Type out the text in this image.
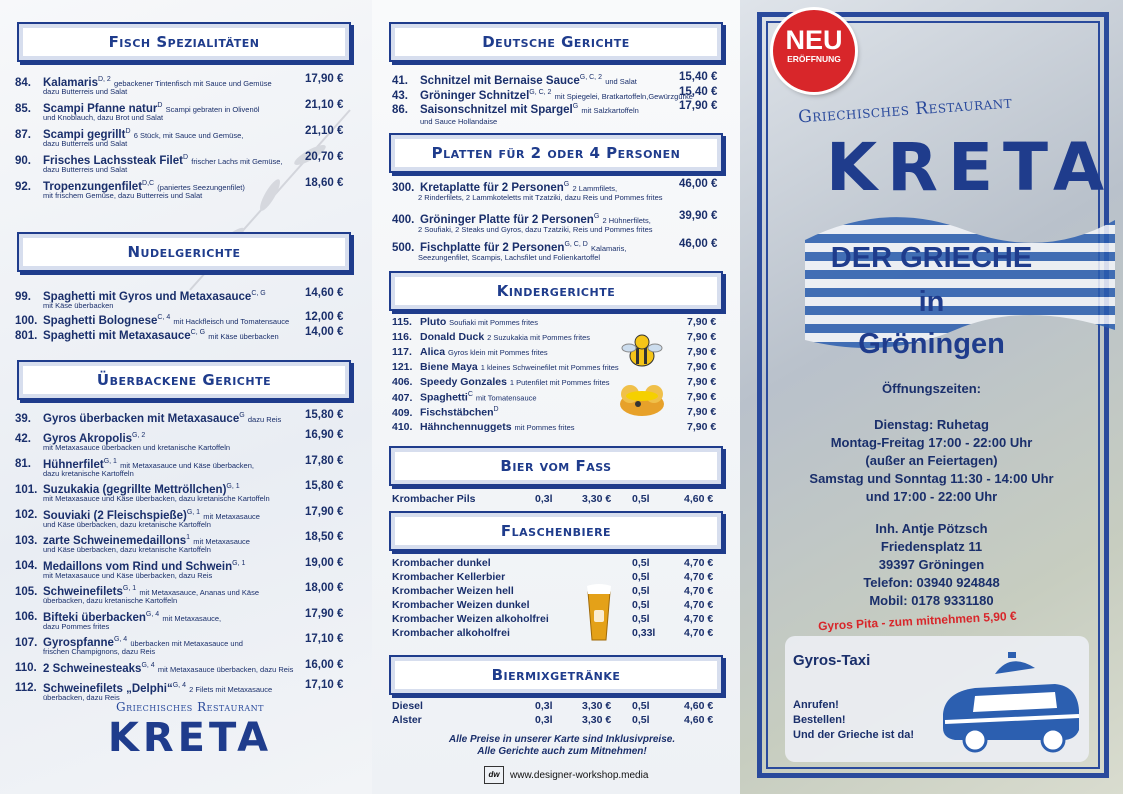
Fisch Spezialitäten
84. Kalamaris$^{D, 2}$ gebackener Tintenfisch mit Sauce und Gemüse	17,90 €
dazu Butterreis und Salat
85. Scampi Pfanne natur$^D$ Scampi gebraten in Olivenöl	21,10 €
und Knoblauch, dazu Brot und Salat
87. Scampi gegrillt$^D$ 6 Stück, mit Sauce und Gemüse,	21,10 €
dazu Butterreis und Salat
90. Frisches Lachssteak Filet$^D$ frischer Lachs mit Gemüse, 20,70 €
dazu Butterreis und Salat
92. Tropenzungenfilet$^{D,C}$ (paniertes Seezungenfilet)	18,60 €
mit frischem Gemüse, dazu Butterreis und Salat
Nudelgerichte
99. Spaghetti mit Gyros und Metaxasauce$^{C, G}$	14,60 €
mit Käse überbacken
100. Spaghetti Bolognese$^{C, 4}$ mit Hackfleisch und Tomatensauce 12,00 €
801. Spaghetti mit Metaxasauce$^{C, G}$ mit Käse überbacken 14,00 €
Überbackene Gerichte
39. Gyros überbacken mit Metaxasauce$^G$ dazu Reis 15,80 €
42. Gyros Akropolis$^{G, 2}$	16,90 €
mit Metaxasauce überbacken und kretanische Kartoffeln
81. Hühnerfilet$^{G, 1}$ mit Metaxasauce und Käse überbacken,	17,80 €
dazu kretanische Kartoffeln
101. Suzukakia (gegrillte Mettröllchen)$^{G, 1}$	15,80 €
mit Metaxasauce und Käse überbacken, dazu kretanische Kartoffeln
102. Souviaki (2 Fleischspieße)$^{G, 1}$ mit Metaxasauce	17,90 €
und Käse überbacken, dazu kretanische Kartoffeln
103. zarte Schweinemedaillons$^1$ mit Metaxasauce	18,50 €
und Käse überbacken, dazu kretanische Kartoffeln
104. Medaillons vom Rind und Schwein$^{G, 1}$	19,00 €
mit Metaxasauce und Käse überbacken, dazu Reis
105. Schweinefilets$^{G, 1}$ mit Metaxasauce, Ananas und Käse	18,00 €
überbacken, dazu kretanische Kartoffeln
106. Bifteki überbacken$^{G, 4}$ mit Metaxasauce,	17,90 €
dazu Pommes frites
107. Gyrospfanne$^{G, 4}$ überbacken mit Metaxasauce und	17,10 €
frischen Champignons, dazu Reis
110. 2 Schweinesteaks$^{G, 4}$ mit Metaxasauce überbacken, dazu Reis 16,00 €
112. Schweinefilets „Delphi“$^{G, 4}$ 2 Filets mit Metaxasauce	17,10 €
überbacken, dazu Reis
Griechisches Restaurant
KRETA
Deutsche Gerichte
41. Schnitzel mit Bernaise Sauce$^{G, C, 2}$ und Salat	15,40 €
43. Gröninger Schnitzel$^{G, C, 2}$ mit Spiegelei, Bratkartoffeln,Gewürzgurke
15,40 €
86. Saisonschnitzel mit Spargel$^G$ mit Salzkartoffeln	17,90 €
und Sauce Hollandaise
Platten für 2 oder 4 Personen
300. Kretaplatte für 2 Personen$^G$ 2 Lammfilets,	46,00 €
2 Rinderfilets, 2 Lammkoteletts mit Tzatziki, dazu Reis und Pommes frites
400. Gröninger Platte für 2 Personen$^G$ 2 Hühnerfilets, 39,90 €
2 Soufiaki, 2 Steaks und Gyros, dazu Tzatziki, Reis und Pommes frites
500. Fischplatte für 2 Personen$^{G, C, D}$ Kalamaris,	46,00 €
Seezungenfilet, Scampis, Lachsfilet und Folienkartoffel
Kindergerichte
115. Pluto Soufiaki mit Pommes frites	7,90 €
116. Donald Duck 2 Suzukakia mit Pommes frites	7,90 €
117. Alica Gyros klein mit Pommes frites	7,90 €
121. Biene Maya 1 kleines Schweinefilet mit Pommes frites	7,90 €
406. Speedy Gonzales 1 Putenfilet mit Pommes frites	7,90 €
407. Spaghetti$^C$ mit Tomatensauce	7,90 €
409. Fischstäbchen$^D$	7,90 €
410. Hähnchennuggets mit Pommes frites	7,90 €
Bier vom Fass
Krombacher Pils	0,3l	3,30 € 0,5l	4,60 €
Flaschenbiere
Krombacher dunkel	0,5l	4,70 €
Krombacher Kellerbier	0,5l	4,70 €
Krombacher Weizen hell	0,5l	4,70 €
Krombacher Weizen dunkel	0,5l	4,70 €
Krombacher Weizen alkoholfrei	0,5l	4,70 €
Krombacher alkoholfrei	0,33l	4,70 €
Biermixgetränke
Diesel	0,3l	3,30 € 0,5l	4,60 €
Alster	0,3l	3,30 € 0,5l	4,60 €
Alle Preise in unserer Karte sind Inklusivpreise.
Alle Gerichte auch zum Mitnehmen!
dw	www.designer-workshop.media
NEU
ERÖFFNUNG
Griechisches Restaurant
KRETA
DER GRIECHE
in
Gröningen
Öffnungszeiten:
Dienstag: Ruhetag
Montag-Freitag 17:00 - 22:00 Uhr
(außer an Feiertagen)
Samstag und Sonntag 11:30 - 14:00 Uhr
und 17:00 - 22:00 Uhr
Inh. Antje Pötzsch
Friedensplatz 11
39397 Gröningen
Telefon: 03940 924848
Mobil: 0178 9331180
Gyros Pita - zum mitnehmen 5,90 €
Gyros-Taxi
Anrufen!
Bestellen!
Und der Grieche ist da!
